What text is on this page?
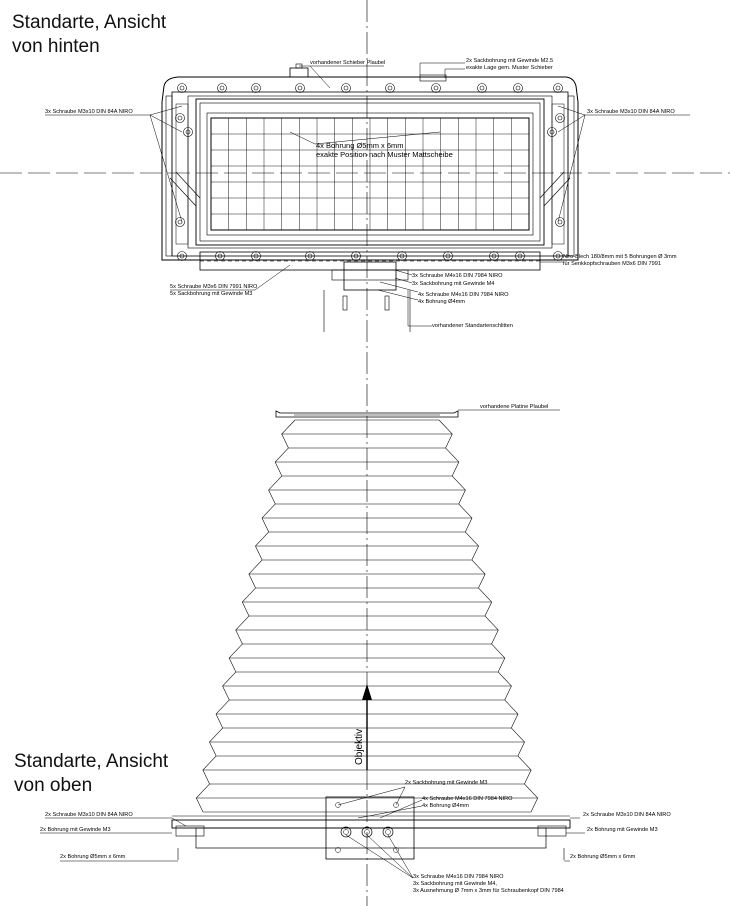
Standarte, Ansicht
von hinten
Standarte, Ansicht
von oben
vorhandener Schieber Plaubel	2x Sackbohrung mit Gewinde M2.5
exakte Lage gem. Muster Schieber
3x Schraube M3x10 DIN 84A NIRO	3x Schraube M3x10 DIN 84A NIRO
Niro-Blech 180/8mm mit 5 Bohrungen Ø 3mm
für Senkkopfschrauben M3x6 DIN 7991
5x Schraube M3x6 DIN 7991 NIRO
5x Sackbohrung mit Gewinde M3
3x Schraube M4x16 DIN 7984 NIRO
3x Sackbohrung mit Gewinde M4
4x Schraube M4x16 DIN 7984 NIRO
4x Bohrung Ø4mm
vorhandener Standartenschlitten
vorhandene Platine Plaubel
2x Sackbohrung mit Gewinde M3
4x Schraube M4x16 DIN 7984 NIRO
4x Bohrung Ø4mm
2x Schraube M3x10 DIN 84A NIRO
2x Bohrung mit Gewinde M3
2x Bohrung Ø5mm x 6mm
2x Schraube M3x10 DIN 84A NIRO
2x Bohrung mit Gewinde M3
2x Bohrung Ø5mm x 6mm
3x Schraube M4x16 DIN 7984 NIRO
3x Sackbohrung mit Gewinde M4,
3x Ausnehmung Ø 7mm x 3mm für Schraubenkopf DIN 7984
4x Bohrung Ø5mm x 6mm
exakte Position nach Muster Mattscheibe
Objektiv
